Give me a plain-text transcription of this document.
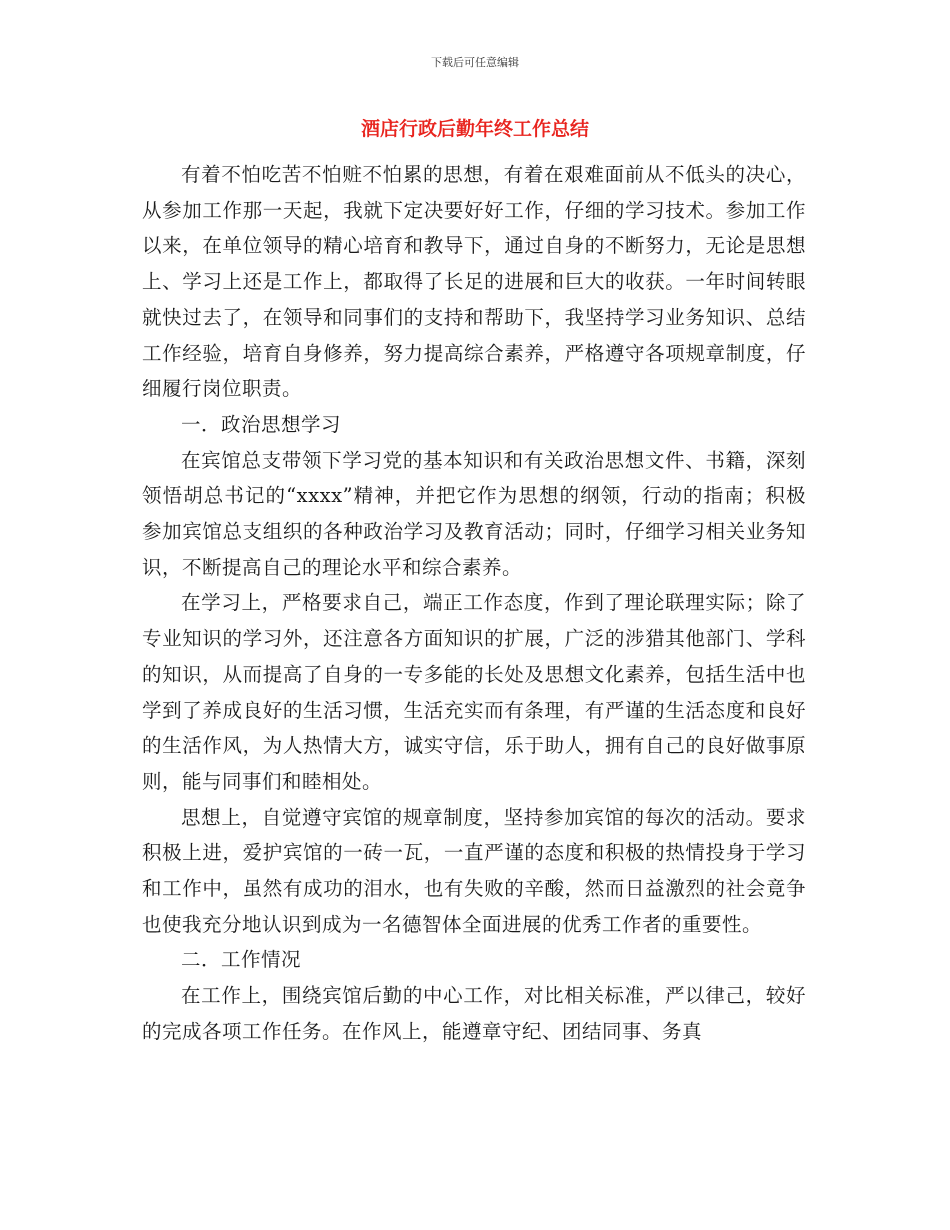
下载后可任意编辑
酒店行政后勤年终工作总结

有着不怕吃苦不怕赃不怕累的思想，有着在艰难面前从不低头的决心，从参加工作那一天起，我就下定决要好好工作，仔细的学习技术。参加工作以来，在单位领导的精心培育和教导下，通过自身的不断努力，无论是思想上、学习上还是工作上，都取得了长足的进展和巨大的收获。一年时间转眼就快过去了，在领导和同事们的支持和帮助下，我坚持学习业务知识、总结工作经验，培育自身修养，努力提高综合素养，严格遵守各项规章制度，仔细履行岗位职责。

一．政治思想学习

在宾馆总支带领下学习党的基本知识和有关政治思想文件、书籍，深刻领悟胡总书记的“xxxx”精神，并把它作为思想的纲领，行动的指南；积极参加宾馆总支组织的各种政治学习及教育活动；同时，仔细学习相关业务知识，不断提高自己的理论水平和综合素养。

在学习上，严格要求自己，端正工作态度，作到了理论联理实际；除了专业知识的学习外，还注意各方面知识的扩展，广泛的涉猎其他部门、学科的知识，从而提高了自身的一专多能的长处及思想文化素养，包括生活中也学到了养成良好的生活习惯，生活充实而有条理，有严谨的生活态度和良好的生活作风，为人热情大方，诚实守信，乐于助人，拥有自己的良好做事原则，能与同事们和睦相处。

思想上，自觉遵守宾馆的规章制度，坚持参加宾馆的每次的活动。要求积极上进，爱护宾馆的一砖一瓦，一直严谨的态度和积极的热情投身于学习和工作中，虽然有成功的泪水，也有失败的辛酸，然而日益激烈的社会竟争也使我充分地认识到成为一名德智体全面进展的优秀工作者的重要性。

二．工作情况

在工作上，围绕宾馆后勤的中心工作，对比相关标准，严以律己，较好的完成各项工作任务。在作风上，能遵章守纪、团结同事、务真
